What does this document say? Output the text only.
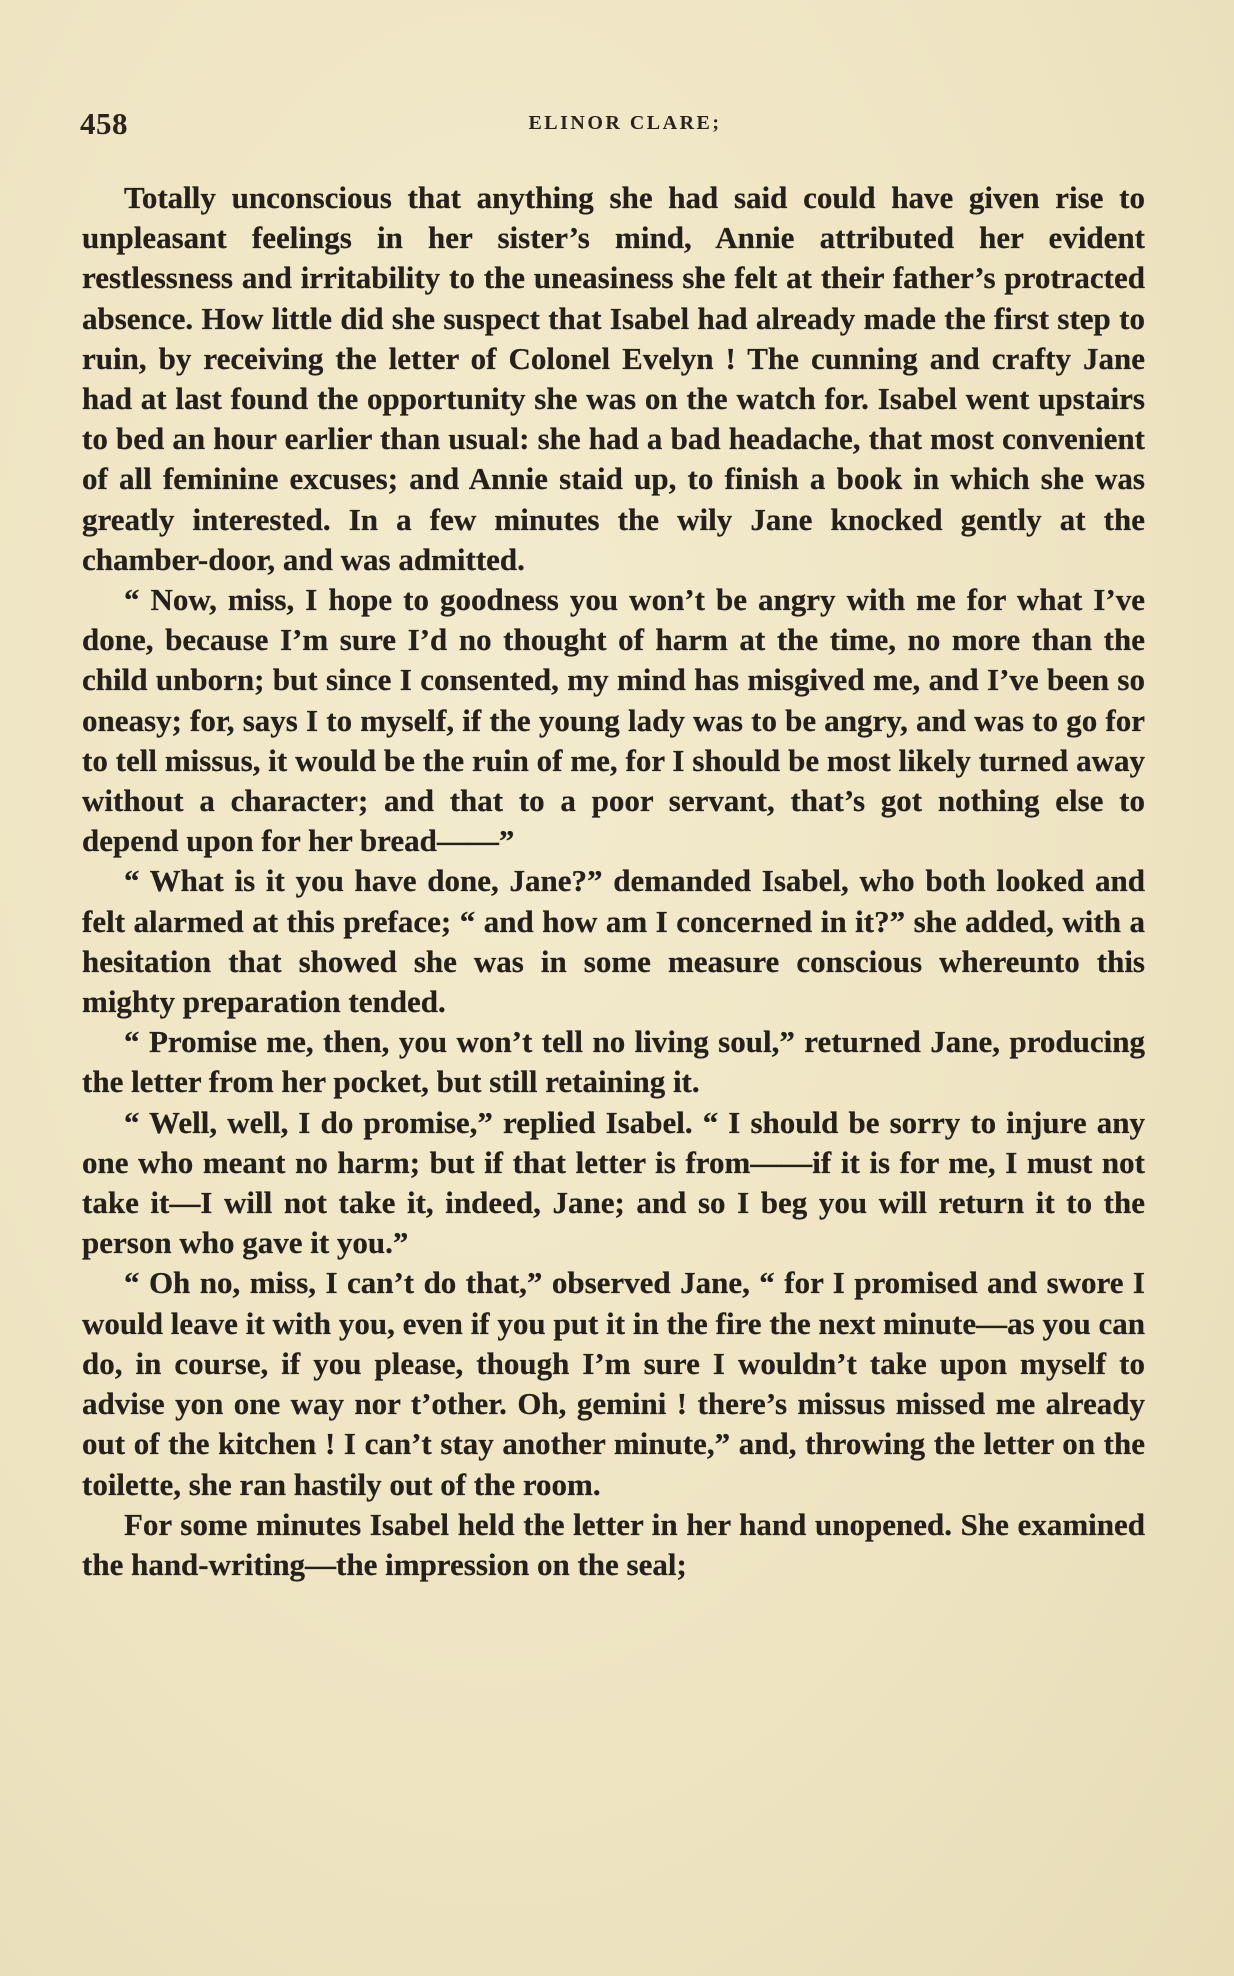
458	ELINOR CLARE;

Totally unconscious that anything she had said could have given rise to unpleasant feelings in her sister’s mind, Annie attributed her evident restlessness and irritability to the uneasiness she felt at their father’s protracted absence. How little did she suspect that Isabel had already made the first step to ruin, by receiving the letter of Colonel Evelyn ! The cunning and crafty Jane had at last found the opportunity she was on the watch for. Isabel went upstairs to bed an hour earlier than usual: she had a bad headache, that most convenient of all feminine excuses; and Annie staid up, to finish a book in which she was greatly interested. In a few minutes the wily Jane knocked gently at the chamber-door, and was admitted.

“ Now, miss, I hope to goodness you won’t be angry with me for what I’ve done, because I’m sure I’d no thought of harm at the time, no more than the child unborn; but since I consented, my mind has misgived me, and I’ve been so oneasy; for, says I to myself, if the young lady was to be angry, and was to go for to tell missus, it would be the ruin of me, for I should be most likely turned away without a character; and that to a poor servant, that’s got nothing else to depend upon for her bread——”

“ What is it you have done, Jane?” demanded Isabel, who both looked and felt alarmed at this preface; “ and how am I concerned in it?” she added, with a hesitation that showed she was in some measure conscious whereunto this mighty preparation tended.

“ Promise me, then, you won’t tell no living soul,” returned Jane, producing the letter from her pocket, but still retaining it.

“ Well, well, I do promise,” replied Isabel. “ I should be sorry to injure any one who meant no harm; but if that letter is from——if it is for me, I must not take it—I will not take it, indeed, Jane; and so I beg you will return it to the person who gave it you.”

“ Oh no, miss, I can’t do that,” observed Jane, “ for I promised and swore I would leave it with you, even if you put it in the fire the next minute—as you can do, in course, if you please, though I’m sure I wouldn’t take upon myself to advise yon one way nor t’other. Oh, gemini ! there’s missus missed me already out of the kitchen ! I can’t stay another minute,” and, throwing the letter on the toilette, she ran hastily out of the room.

For some minutes Isabel held the letter in her hand unopened. She examined the hand-writing—the impression on the seal;
